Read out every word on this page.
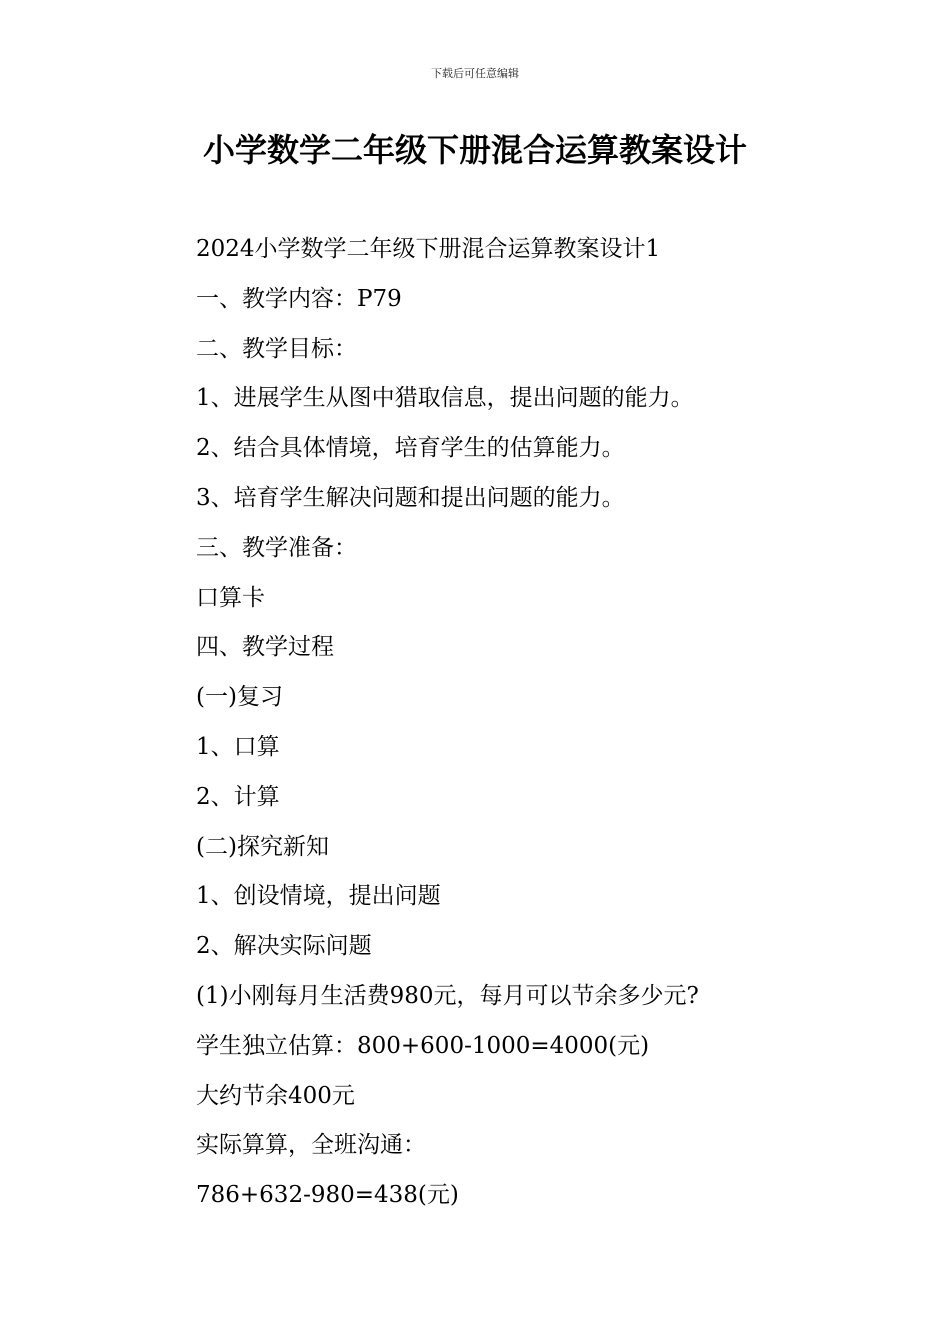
下载后可任意编辑
小学数学二年级下册混合运算教案设计
2024小学数学二年级下册混合运算教案设计1
一、教学内容：P79
二、教学目标：
1、进展学生从图中猎取信息，提出问题的能力。
2、结合具体情境，培育学生的估算能力。
3、培育学生解决问题和提出问题的能力。
三、教学准备：
口算卡
四、教学过程
(一)复习
1、口算
2、计算
(二)探究新知
1、创设情境，提出问题
2、解决实际问题
(1)小刚每月生活费980元，每月可以节余多少元?
学生独立估算：800+600-1000=4000(元)
大约节余400元
实际算算，全班沟通：
786+632-980=438(元)
